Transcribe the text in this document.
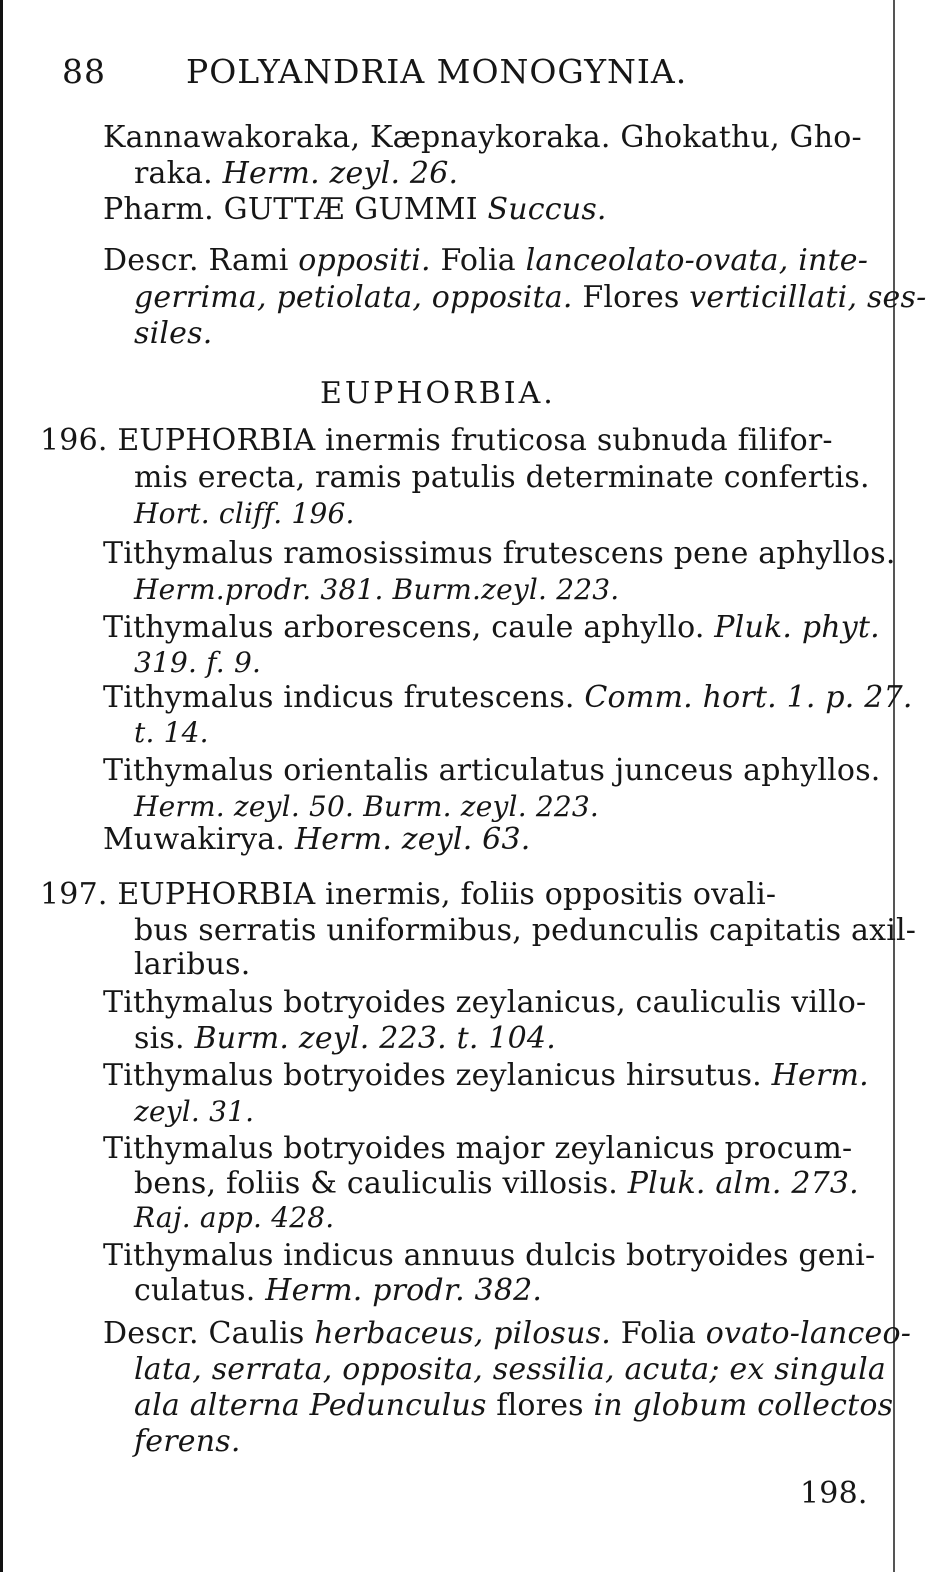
88 POLYANDRIA MONOGYNIA.
Kannawakoraka, Kæpnaykoraka. Ghokathu, Gho-
raka. Herm. zeyl. 26.
Pharm. GUTTÆ GUMMI Succus.
Descr. Rami oppositi. Folia lanceolato-ovata, inte-
gerrima, petiolata, opposita. Flores verticillati, ses-
siles.
EUPHORBIA.
196. EUPHORBIA inermis fruticosa subnuda filifor-
mis erecta, ramis patulis determinate confertis.
Hort. cliff. 196.
Tithymalus ramosissimus frutescens pene aphyllos.
Herm.prodr. 381. Burm.zeyl. 223.
Tithymalus arborescens, caule aphyllo. Pluk. phyt.
319. f. 9.
Tithymalus indicus frutescens. Comm. hort. 1. p. 27.
t. 14.
Tithymalus orientalis articulatus junceus aphyllos.
Herm. zeyl. 50. Burm. zeyl. 223.
Muwakirya. Herm. zeyl. 63.
197. EUPHORBIA inermis, foliis oppositis ovali-
bus serratis uniformibus, pedunculis capitatis axil-
laribus.
Tithymalus botryoides zeylanicus, cauliculis villo-
sis. Burm. zeyl. 223. t. 104.
Tithymalus botryoides zeylanicus hirsutus. Herm.
zeyl. 31.
Tithymalus botryoides major zeylanicus procum-
bens, foliis & cauliculis villosis. Pluk. alm. 273.
Raj. app. 428.
Tithymalus indicus annuus dulcis botryoides geni-
culatus. Herm. prodr. 382.
Descr. Caulis herbaceus, pilosus. Folia ovato-lanceo-
lata, serrata, opposita, sessilia, acuta; ex singula
ala alterna Pedunculus flores in globum collectos
ferens.
198.
